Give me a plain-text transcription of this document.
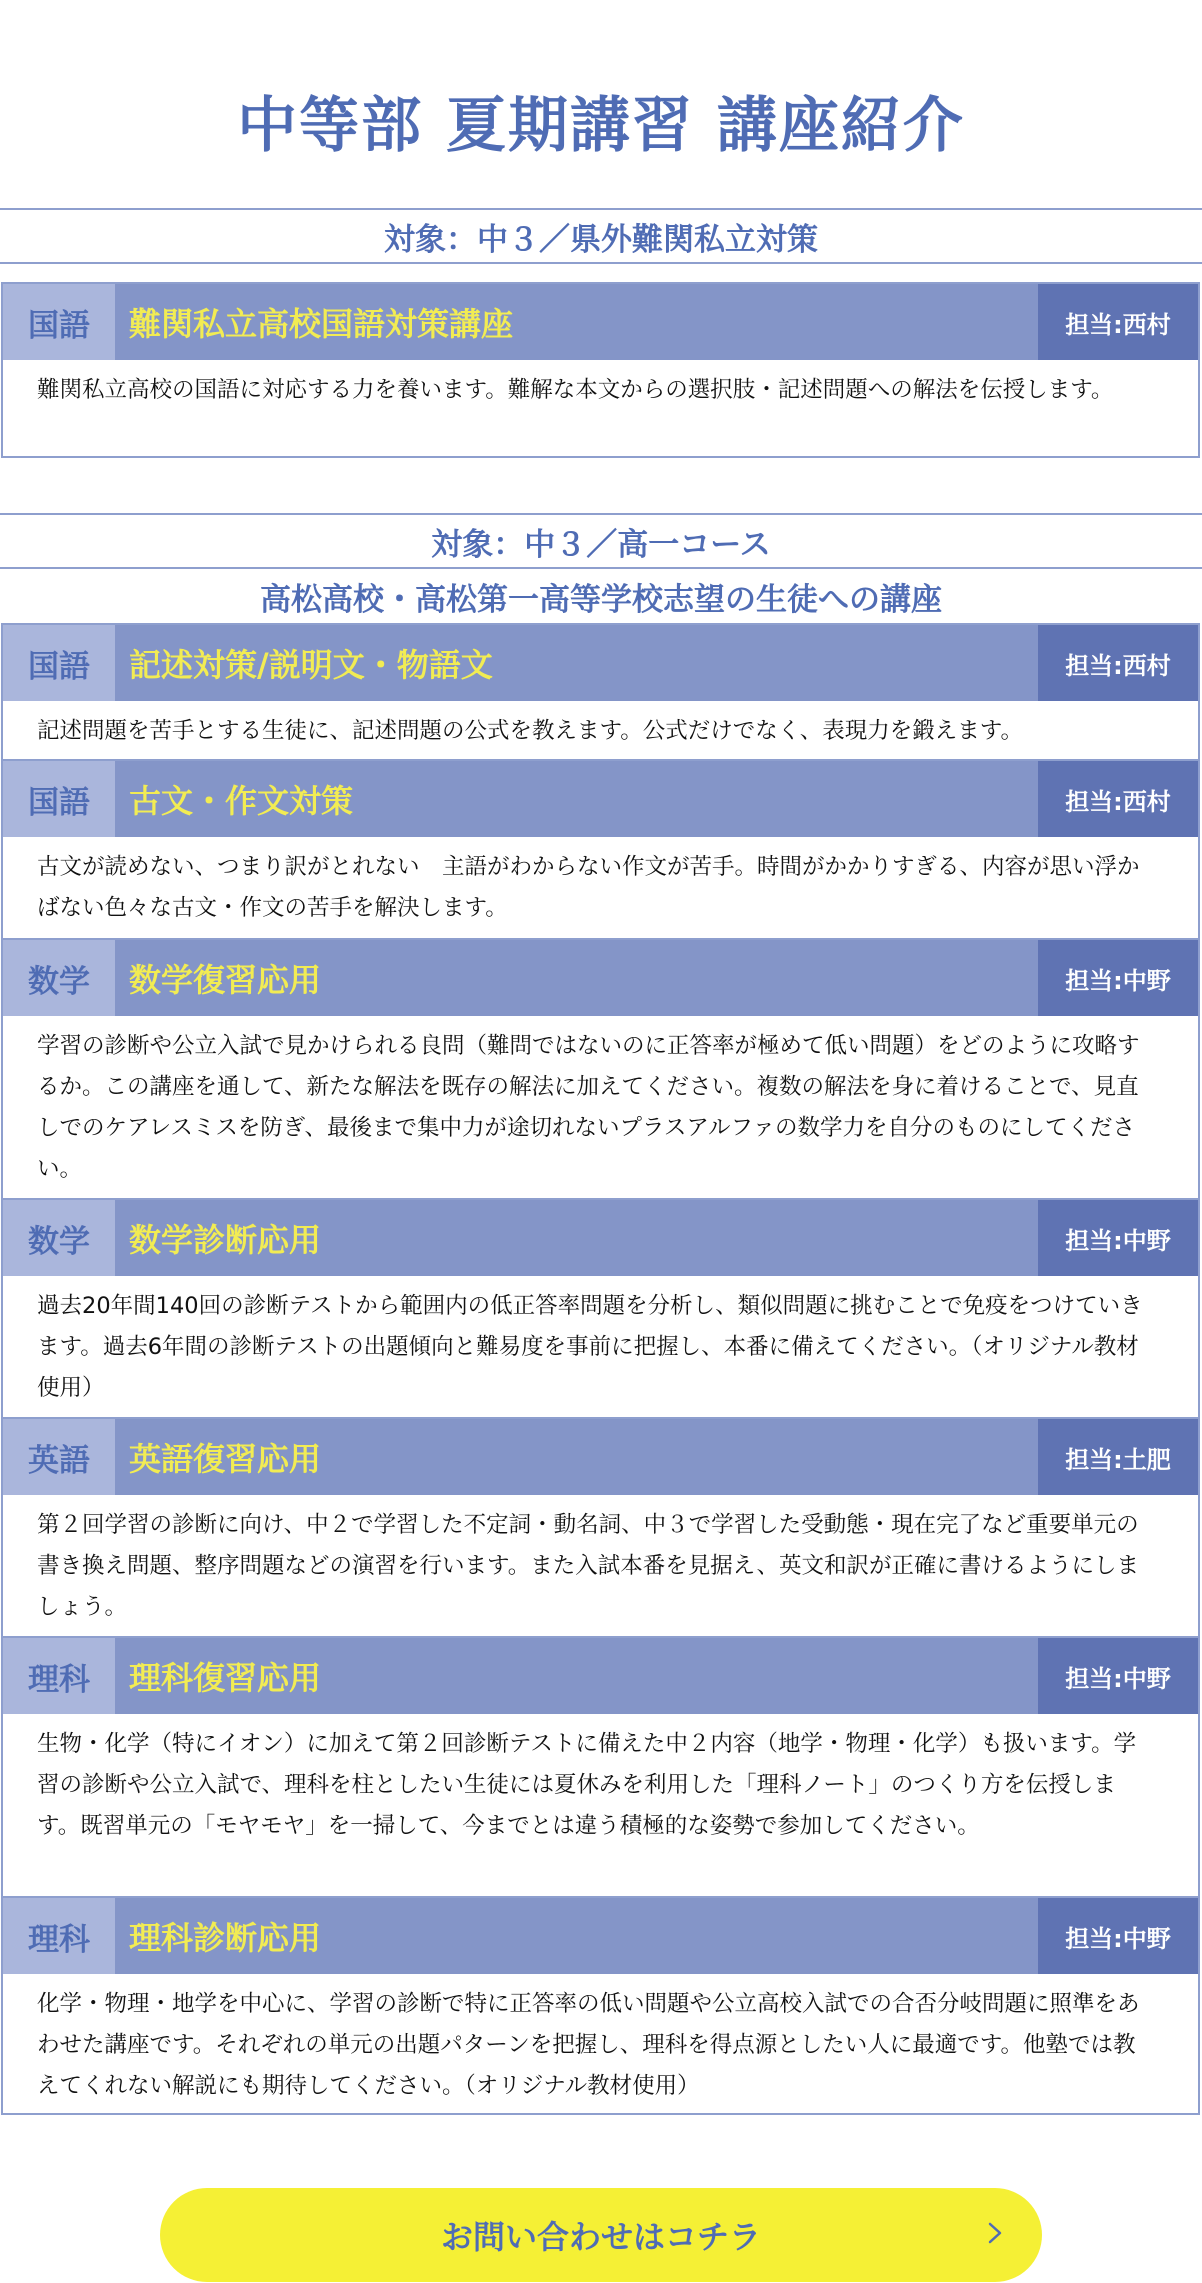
中等部 夏期講習 講座紹介
対象：中３／県外難関私立対策
国語	難関私立高校国語対策講座	担当:西村
難関私立高校の国語に対応する力を養います。難解な本文からの選択肢・記述問題への解法を伝授します。
対象：中３／高一コース
高松高校・高松第一高等学校志望の生徒への講座
国語	記述対策/説明文・物語文	担当:西村
記述問題を苦手とする生徒に、記述問題の公式を教えます。公式だけでなく、表現力を鍛えます。
国語	古文・作文対策	担当:西村
古文が読めない、つまり訳がとれない　主語がわからない作文が苦手。時間がかかりすぎる、内容が思い浮かばない色々な古文・作文の苦手を解決します。
数学	数学復習応用	担当:中野
学習の診断や公立入試で見かけられる良問（難問ではないのに正答率が極めて低い問題）をどのように攻略するか。この講座を通して、新たな解法を既存の解法に加えてください。複数の解法を身に着けることで、見直しでのケアレスミスを防ぎ、最後まで集中力が途切れないプラスアルファの数学力を自分のものにしてください。
数学	数学診断応用	担当:中野
過去20年間140回の診断テストから範囲内の低正答率問題を分析し、類似問題に挑むことで免疫をつけていきます。過去6年間の診断テストの出題傾向と難易度を事前に把握し、本番に備えてください。（オリジナル教材使用）
英語	英語復習応用	担当:土肥
第２回学習の診断に向け、中２で学習した不定詞・動名詞、中３で学習した受動態・現在完了など重要単元の書き換え問題、整序問題などの演習を行います。また入試本番を見据え、英文和訳が正確に書けるようにしましょう。
理科	理科復習応用	担当:中野
生物・化学（特にイオン）に加えて第２回診断テストに備えた中２内容（地学・物理・化学）も扱います。学習の診断や公立入試で、理科を柱としたい生徒には夏休みを利用した「理科ノート」のつくり方を伝授します。既習単元の「モヤモヤ」を一掃して、今までとは違う積極的な姿勢で参加してください。
理科	理科診断応用	担当:中野
化学・物理・地学を中心に、学習の診断で特に正答率の低い問題や公立高校入試での合否分岐問題に照準をあわせた講座です。それぞれの単元の出題パターンを把握し、理科を得点源としたい人に最適です。他塾では教えてくれない解説にも期待してください。（オリジナル教材使用）
お問い合わせはコチラ
